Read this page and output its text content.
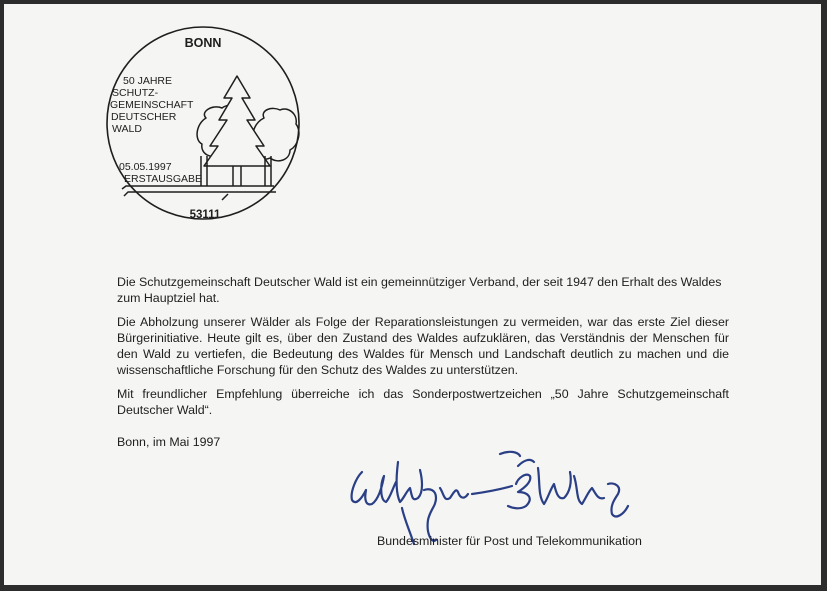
BONN
50 JAHRE
SCHUTZ-
GEMEINSCHAFT
DEUTSCHER
WALD
05.05.1997
ERSTAUSGABE
53111

Die Schutzgemeinschaft Deutscher Wald ist ein gemeinnütziger Verband, der seit 1947 den Erhalt des Waldes zum Hauptziel hat.

Die Abholzung unserer Wälder als Folge der Reparationsleistungen zu vermeiden, war das erste Ziel dieser Bürgerinitiative. Heute gilt es, über den Zustand des Waldes aufzuklären, das Verständnis der Menschen für den Wald zu vertiefen, die Bedeutung des Waldes für Mensch und Landschaft deutlich zu machen und die wissenschaftliche Forschung für den Schutz des Waldes zu unterstützen.

Mit freundlicher Empfehlung überreiche ich das Sonderpostwertzeichen „50 Jahre Schutzgemeinschaft Deutscher Wald“.

Bonn, im Mai 1997
Bundesminister für Post und Telekommunikation
